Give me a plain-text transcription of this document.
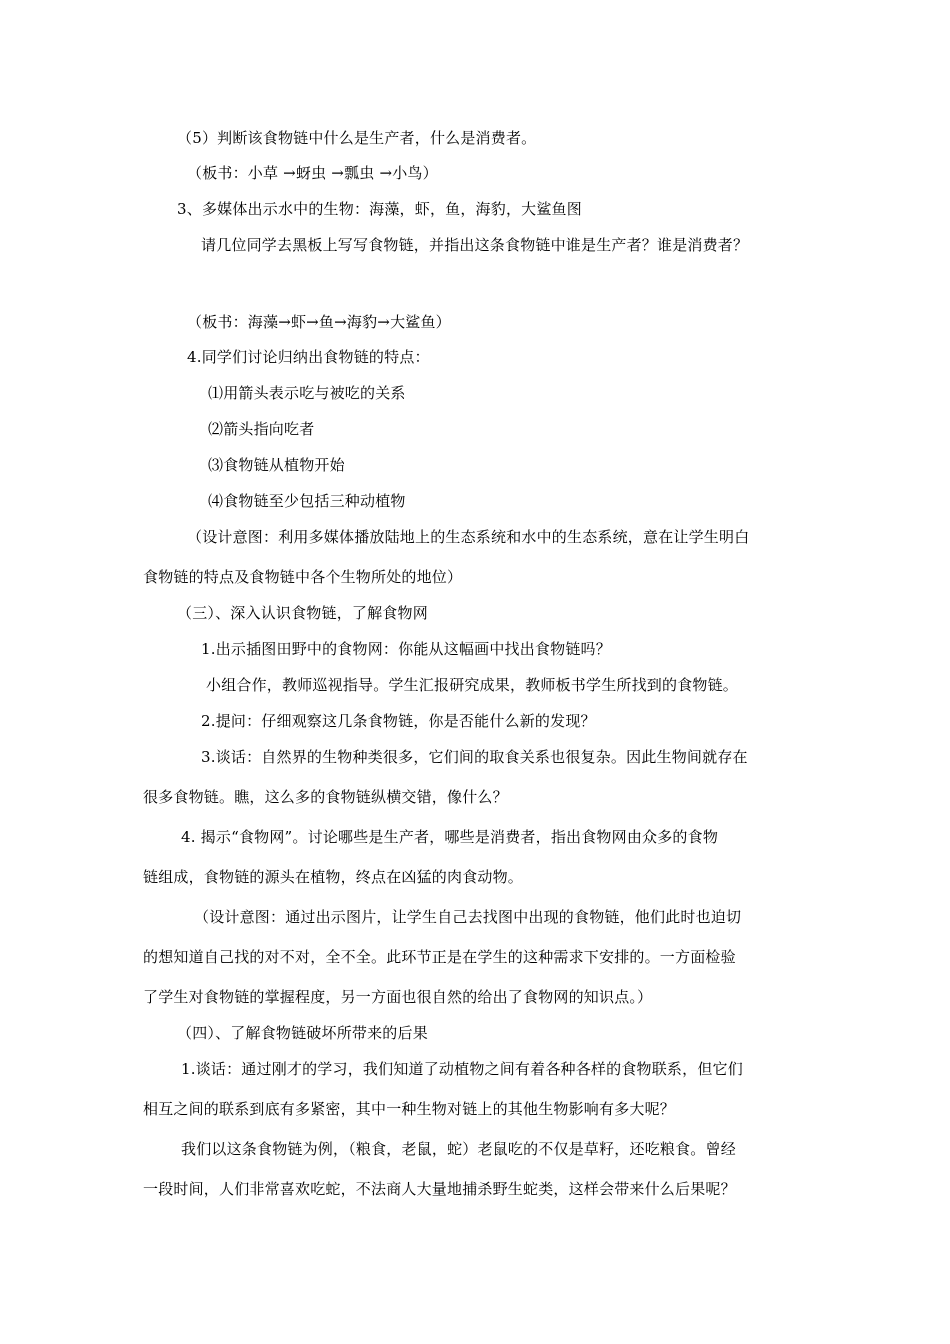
（5）判断该食物链中什么是生产者，什么是消费者。
（板书：小草 →蚜虫 →瓢虫 →小鸟）
3、多媒体出示水中的生物：海藻，虾，鱼，海豹，大鲨鱼图
请几位同学去黑板上写写食物链，并指出这条食物链中谁是生产者？谁是消费者？
（板书：海藻→虾→鱼→海豹→大鲨鱼）
4.同学们讨论归纳出食物链的特点：
⑴用箭头表示吃与被吃的关系
⑵箭头指向吃者
⑶食物链从植物开始
⑷食物链至少包括三种动植物
（设计意图：利用多媒体播放陆地上的生态系统和水中的生态系统，意在让学生明白
食物链的特点及食物链中各个生物所处的地位）
（三）、深入认识食物链，了解食物网
1.出示插图田野中的食物网：你能从这幅画中找出食物链吗？
小组合作，教师巡视指导。学生汇报研究成果，教师板书学生所找到的食物链。
2.提问：仔细观察这几条食物链，你是否能什么新的发现？
3.谈话：自然界的生物种类很多，它们间的取食关系也很复杂。因此生物间就存在
很多食物链。瞧，这么多的食物链纵横交错，像什么？
4. 揭示“食物网”。讨论哪些是生产者，哪些是消费者，指出食物网由众多的食物
链组成，食物链的源头在植物，终点在凶猛的肉食动物。
（设计意图：通过出示图片，让学生自己去找图中出现的食物链，他们此时也迫切
的想知道自己找的对不对，全不全。此环节正是在学生的这种需求下安排的。一方面检验
了学生对食物链的掌握程度，另一方面也很自然的给出了食物网的知识点。）
（四）、了解食物链破坏所带来的后果
1.谈话：通过刚才的学习，我们知道了动植物之间有着各种各样的食物联系，但它们
相互之间的联系到底有多紧密，其中一种生物对链上的其他生物影响有多大呢？
我们以这条食物链为例，（粮食，老鼠，蛇）老鼠吃的不仅是草籽，还吃粮食。曾经
一段时间，人们非常喜欢吃蛇，不法商人大量地捕杀野生蛇类，这样会带来什么后果呢？
